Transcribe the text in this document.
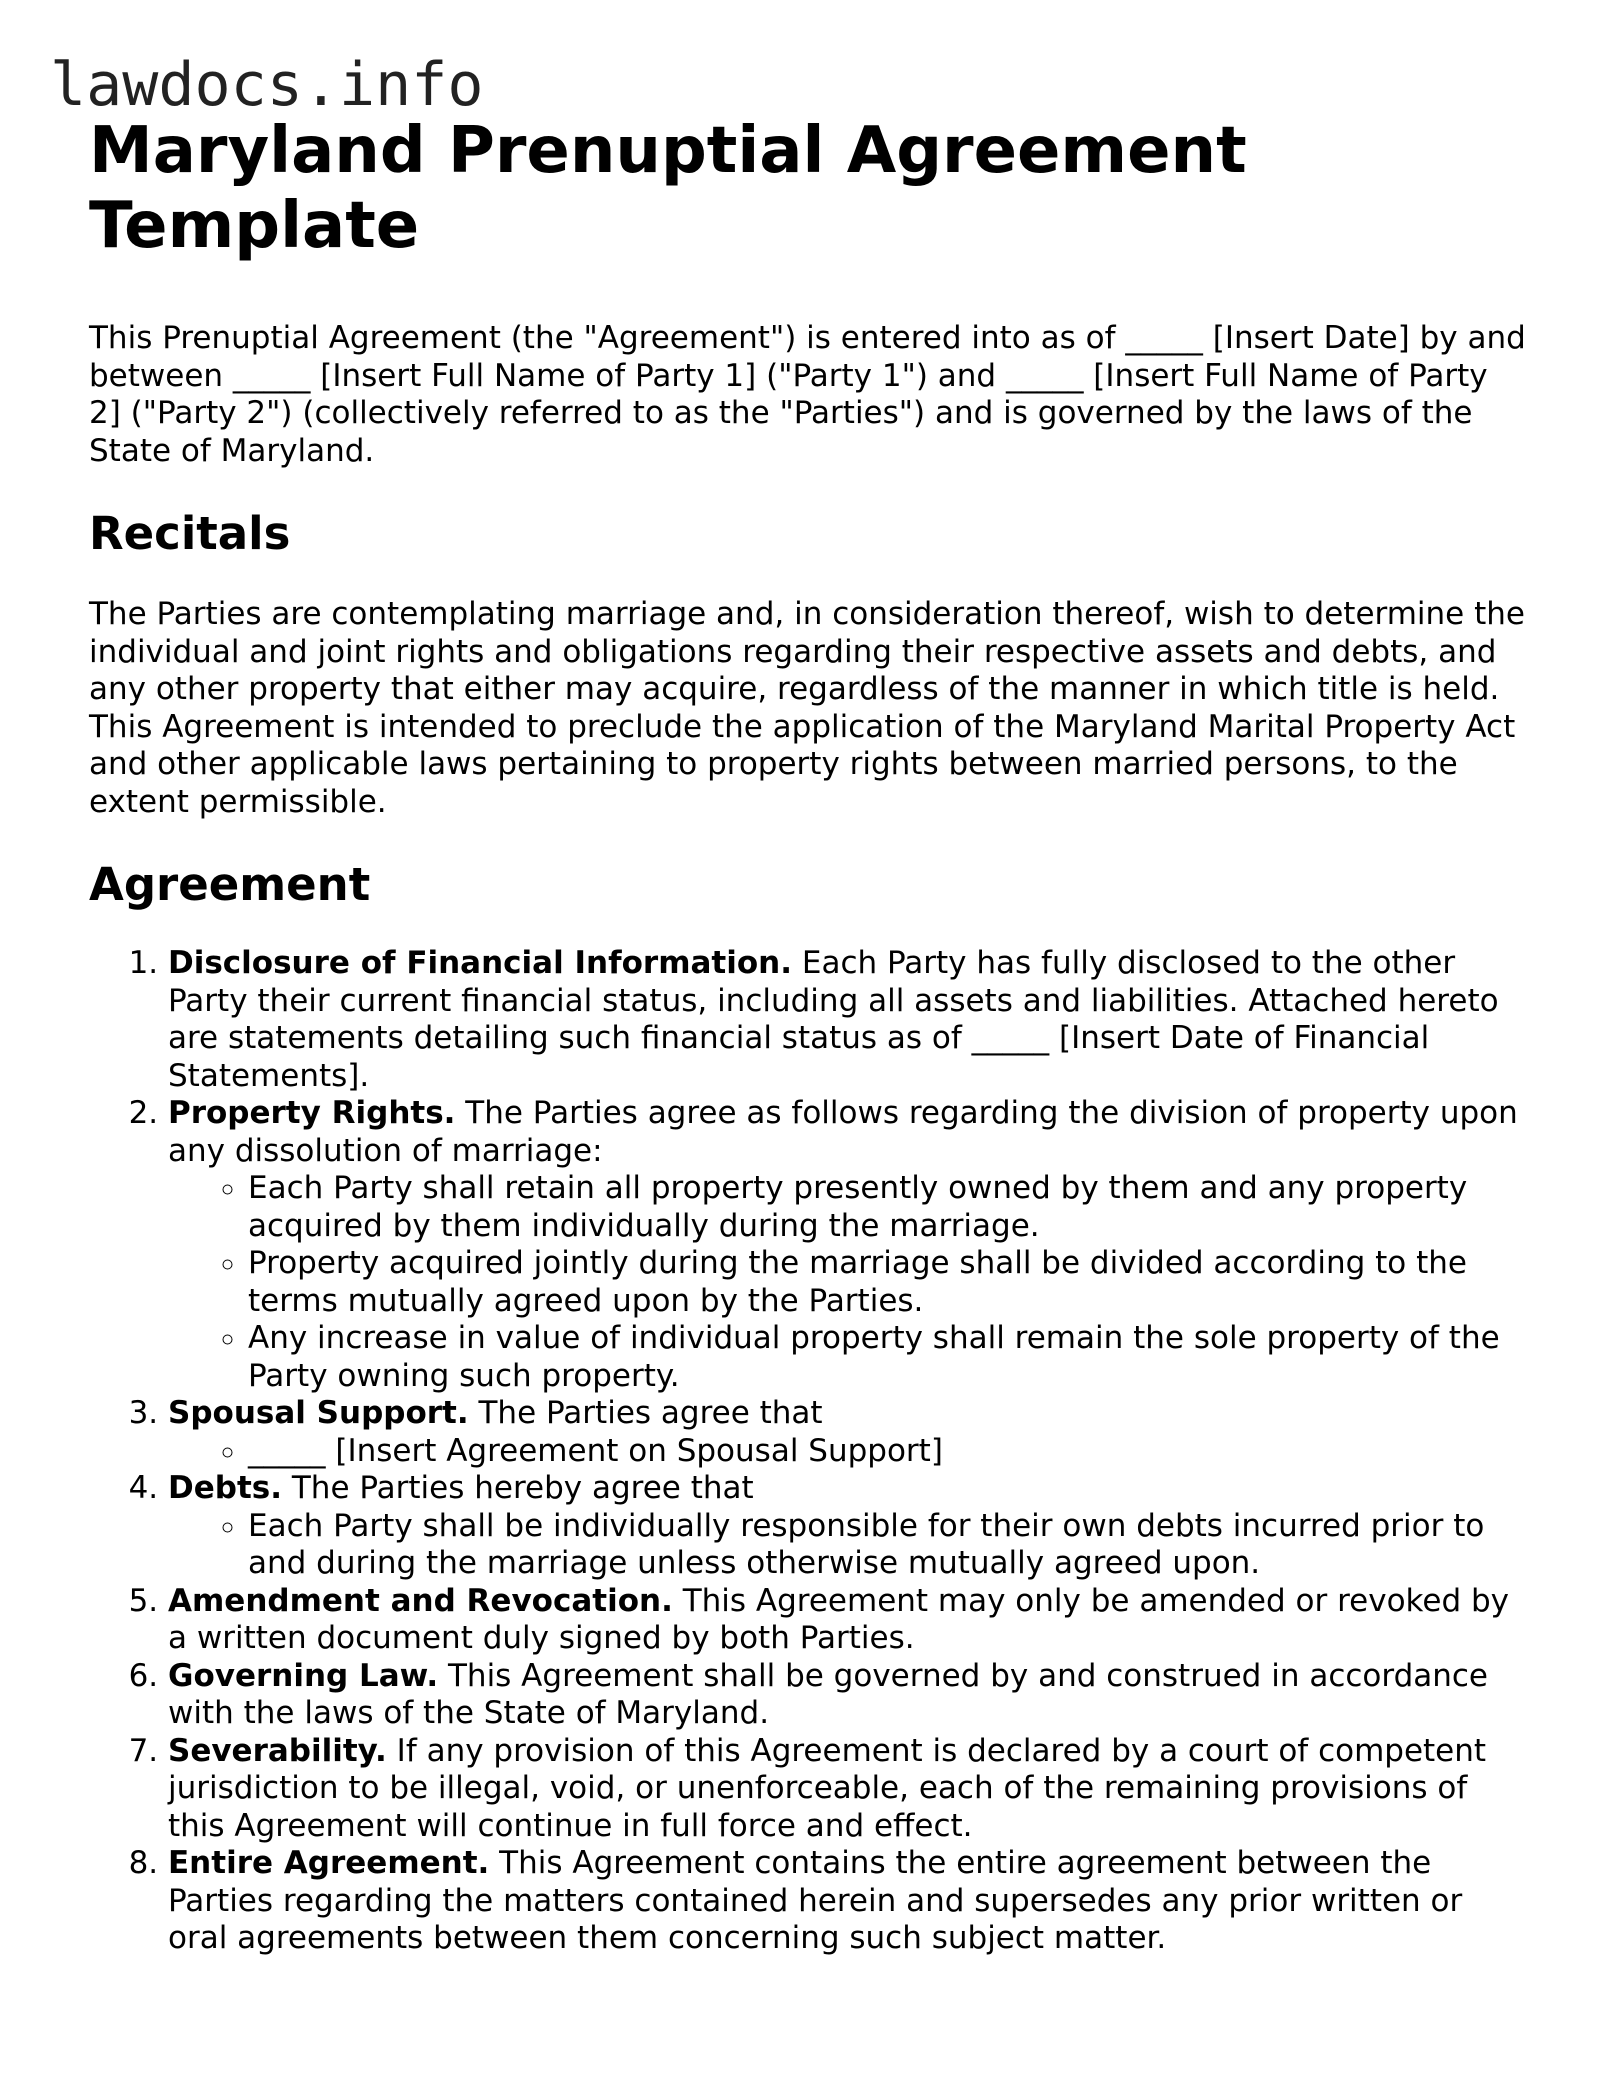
lawdocs.info
Maryland Prenuptial Agreement Template

This Prenuptial Agreement (the "Agreement") is entered into as of _____ [Insert Date] by and between _____ [Insert Full Name of Party 1] ("Party 1") and _____ [Insert Full Name of Party 2] ("Party 2") (collectively referred to as the "Parties") and is governed by the laws of the State of Maryland.

Recitals

The Parties are contemplating marriage and, in consideration thereof, wish to determine the individual and joint rights and obligations regarding their respective assets and debts, and any other property that either may acquire, regardless of the manner in which title is held. This Agreement is intended to preclude the application of the Maryland Marital Property Act and other applicable laws pertaining to property rights between married persons, to the extent permissible.

Agreement
1. Disclosure of Financial Information. Each Party has fully disclosed to the other Party their current financial status, including all assets and liabilities. Attached hereto are statements detailing such financial status as of _____ [Insert Date of Financial Statements].
2. Property Rights. The Parties agree as follows regarding the division of property upon any dissolution of marriage:
◦ Each Party shall retain all property presently owned by them and any property acquired by them individually during the marriage.
◦ Property acquired jointly during the marriage shall be divided according to the terms mutually agreed upon by the Parties.
◦ Any increase in value of individual property shall remain the sole property of the Party owning such property.
3. Spousal Support. The Parties agree that
◦ _____ [Insert Agreement on Spousal Support]
4. Debts. The Parties hereby agree that
◦ Each Party shall be individually responsible for their own debts incurred prior to and during the marriage unless otherwise mutually agreed upon.
5. Amendment and Revocation. This Agreement may only be amended or revoked by a written document duly signed by both Parties.
6. Governing Law. This Agreement shall be governed by and construed in accordance with the laws of the State of Maryland.
7. Severability. If any provision of this Agreement is declared by a court of competent jurisdiction to be illegal, void, or unenforceable, each of the remaining provisions of this Agreement will continue in full force and effect.
8. Entire Agreement. This Agreement contains the entire agreement between the Parties regarding the matters contained herein and supersedes any prior written or oral agreements between them concerning such subject matter.
